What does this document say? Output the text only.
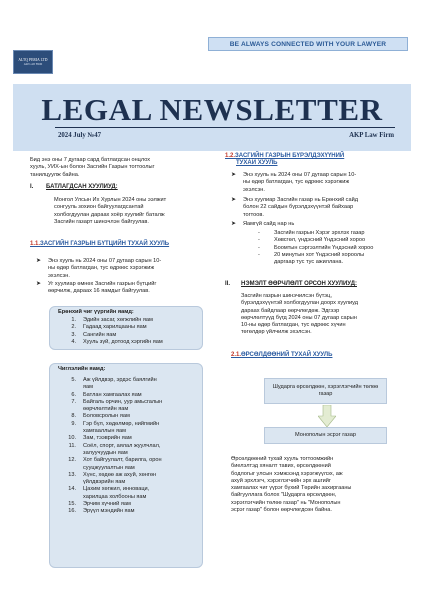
ALTQ PERIA LTD
AKP LAW FIRM
BE ALWAYS CONNECTED WITH YOUR LAWYER
LEGAL NEWSLETTER
2024 July №47	AKP Law Firm
Бид энэ оны 7 дугаар сард батлагдсан онцлох
хууль, УИХ-ын болон Засгийн Газрын тогтоолыг
танилцуулж байна.
I. БАТЛАГДСАН ХУУЛИУД:
Монгол Улсын Их Хурлын 2024 оны ээлжит
сонгууль зохион байгуулагдсантай
холбогдуулан дараах хоёр хуулийг баталж
Засгийн газарт шинэчлэн байгуулав.
1.1.ЗАСГИЙН ГАЗРЫН БҮТЦИЙН ТУХАЙ ХУУЛЬ
➤ Энэ хууль нь 2024 оны 07 дугаар сарын 10-
ны өдөр батлагдан, тус өдрөөс хэрэгжиж
эхэлсэн.
➤ Уг хуулиар өмнөх Засгийн газрын бүтцийг
өөрчилж, дараах 16 яамдыг байгуулав.
Ерөнхий чиг үүргийн яамд:
1. Эдийн засаг, хөгжлийн яам
2. Гадаад харилцааны яам
3. Сангийн яам
4. Хууль зүй, дотоод хэргийн яам
Чиглэлийн яамд:
5. Аж үйлдвэр, эрдэс баялгийн
яам
6. Батлан хамгаалах яам
7. Байгаль орчин, уур амьсгалын
өөрчлөлтийн яам
8. Боловсролын яам
9. Гэр бүл, хөдөлмөр, нийгмийн
хамгааллын яам
10. Зам, тээврийн яам
11. Соёл, спорт, аялал жуулчлал,
залуучуудын яам
12. Хот байгуулалт, барилга, орон
сууцжуулалтын яам
13. Хүнс, хөдөө аж ахуй, хөнгөн
үйлдвэрийн яам
14. Цахим хөгжил, инноваци,
харилцаа холбооны яам
15. Эрчим хүчний яам
16. Эрүүл мэндийн яам
1.2.ЗАСГИЙН ГАЗРЫН БҮРЭЛДЭХҮҮНИЙ
ТУХАЙ ХУУЛЬ
➤ Энэ хууль нь 2024 оны 07 дугаар сарын 10-
ны өдөр батлагдан, тус өдрөөс хэрэгжиж
эхэлсэн.
➤ Энэ хуулиар Засгийн газар нь Ерөнхий сайд
болон 22 сайдын бүрэлдэхүүнтэй байхаар
тогтоов.
➤ Яамгүй сайд нар нь
-	Засгийн газрын Хэрэг эрхлэх газар
-	Хөвсгөл, үндэсний Үндэсний хороо
-	Боомтын сэргээлтийн Үндэсний хороо
-	20 минутын хот Үндэсний хороолы
даргаар тус тус ажиллана.
II. НЭМЭЛТ ӨӨРЧЛӨЛТ ОРСОН ХУУЛИУД:
Засгийн газрын шинэчилсэн бүтэц,
бүрэлдэхүүнтэй холбогдуулан доорх хуулиуд
дараах байдлаар өөрчлөгдөж. Эдгээр
өөрчлөлтүүд бүгд 2024 оны 07 дугаар сарын
10-ны өдөр батлагдан, тус өдрөөс хүчин
төгөлдөр үйлчилж эхэлсэн.
2.1.ӨРСӨЛДӨӨНИЙ ТУХАЙ ХУУЛЬ
Шударга өрсөлдөөн, хэрэглэгчийн төлөө
газар
Монополын эсрэг газар
Өрсөлдөөний тухай хууль тогтоомжийн
биелэлтэд хяналт тавих, өрсөлдөөний
бодлогыг улсын хэмжээнд хэрэгжүүлэх, аж
ахуй эрхлэгч, хэрэглэгчийн эрх ашгийг
хамгаалах чиг үүрэг бүхий Төрийн захиргааны
байгууллага болох "Шударга өрсөлдөөн,
хэрэглэгчийн төлөө газар" нь "Монополын
эсрэг газар" болон өөрчлөгдсөн байна.
